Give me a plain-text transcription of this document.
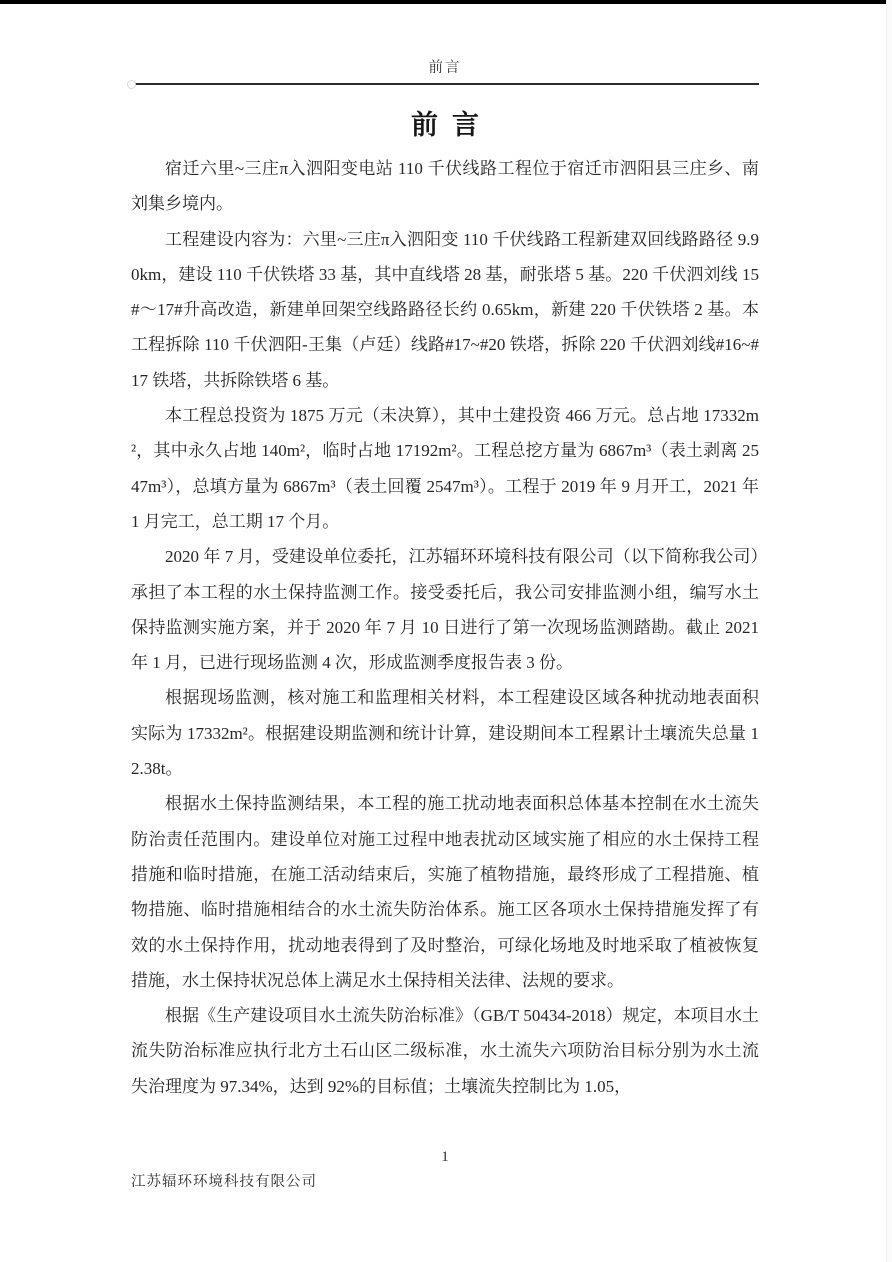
前言
前言

宿迁六里~三庄π入泗阳变电站 110 千伏线路工程位于宿迁市泗阳县三庄乡、南刘集乡境内。

工程建设内容为：六里~三庄π入泗阳变 110 千伏线路工程新建双回线路路径 9.90km，建设 110 千伏铁塔 33 基，其中直线塔 28 基，耐张塔 5 基。220 千伏泗刘线 15#～17#升高改造，新建单回架空线路路径长约 0.65km，新建 220 千伏铁塔 2 基。本工程拆除 110 千伏泗阳-王集（卢廷）线路#17~#20 铁塔，拆除 220 千伏泗刘线#16~#17 铁塔，共拆除铁塔 6 基。

本工程总投资为 1875 万元（未决算），其中土建投资 466 万元。总占地 17332m²，其中永久占地 140m²，临时占地 17192m²。工程总挖方量为 6867m³（表土剥离 2547m³），总填方量为 6867m³（表土回覆 2547m³）。工程于 2019 年 9 月开工，2021 年 1 月完工，总工期 17 个月。

2020 年 7 月，受建设单位委托，江苏辐环环境科技有限公司（以下简称我公司）承担了本工程的水土保持监测工作。接受委托后，我公司安排监测小组，编写水土保持监测实施方案，并于 2020 年 7 月 10 日进行了第一次现场监测踏勘。截止 2021 年 1 月，已进行现场监测 4 次，形成监测季度报告表 3 份。

根据现场监测，核对施工和监理相关材料，本工程建设区域各种扰动地表面积实际为 17332m²。根据建设期监测和统计计算，建设期间本工程累计土壤流失总量 12.38t。

根据水土保持监测结果，本工程的施工扰动地表面积总体基本控制在水土流失防治责任范围内。建设单位对施工过程中地表扰动区域实施了相应的水土保持工程措施和临时措施，在施工活动结束后，实施了植物措施，最终形成了工程措施、植物措施、临时措施相结合的水土流失防治体系。施工区各项水土保持措施发挥了有效的水土保持作用，扰动地表得到了及时整治，可绿化场地及时地采取了植被恢复措施，水土保持状况总体上满足水土保持相关法律、法规的要求。

根据《生产建设项目水土流失防治标准》（GB/T 50434-2018）规定，本项目水土流失防治标准应执行北方土石山区二级标准，水土流失六项防治目标分别为水土流失治理度为 97.34%，达到 92%的目标值；土壤流失控制比为 1.05，

1
江苏辐环环境科技有限公司
